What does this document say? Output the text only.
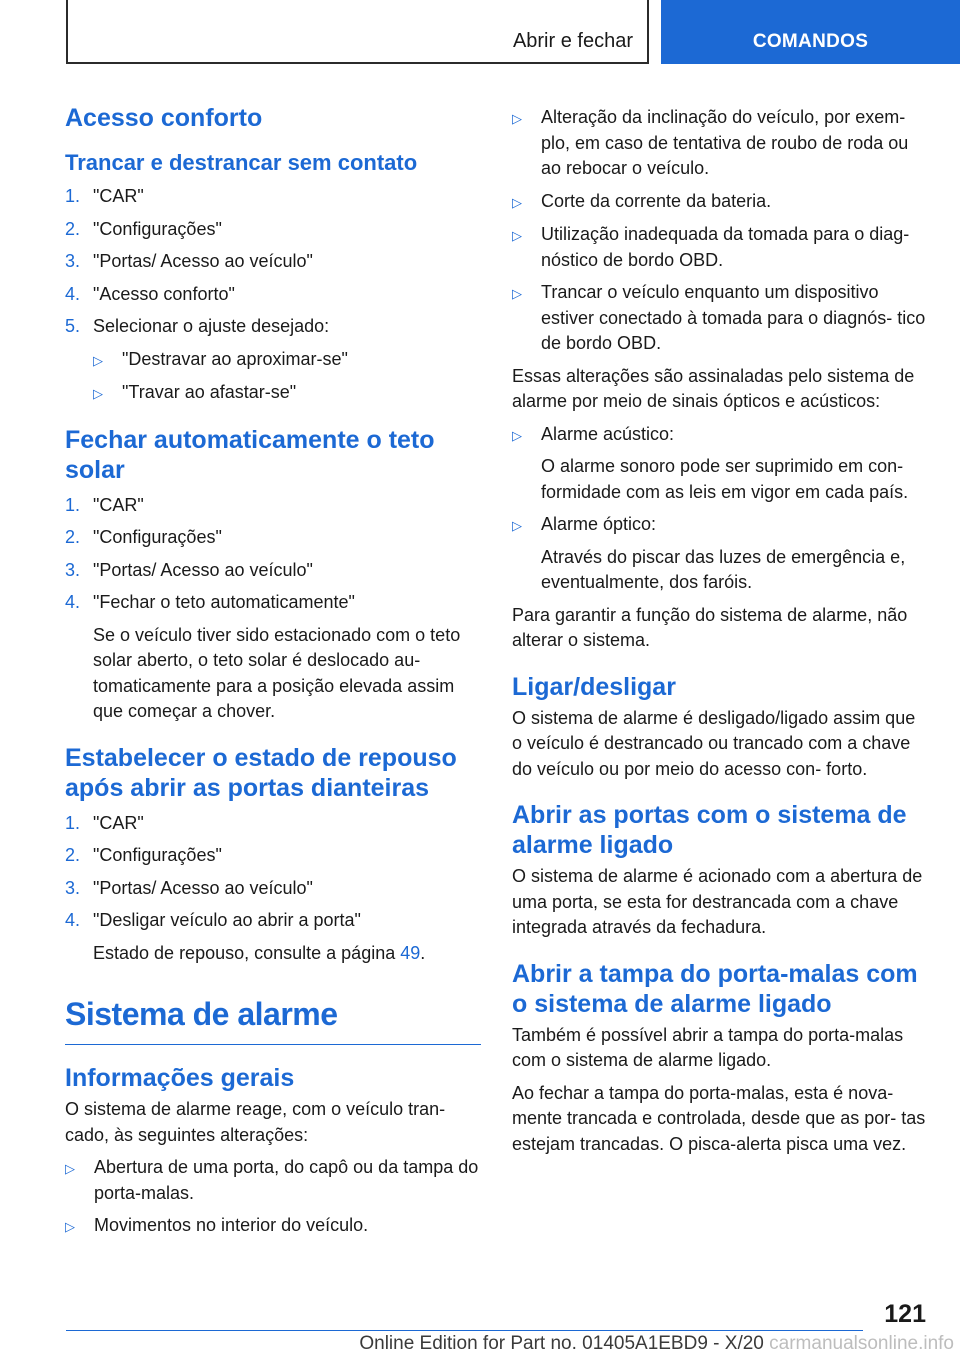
Abrir e fechar	COMANDOS
Acesso conforto
Trancar e destrancar sem contato
1. "CAR"
2. "Configurações"
3. "Portas/ Acesso ao veículo"
4. "Acesso conforto"
5. Selecionar o ajuste desejado:
▷	"Destravar ao aproximar-se"
▷	"Travar ao afastar-se"
Fechar automaticamente o teto solar
1. "CAR"
2. "Configurações"
3. "Portas/ Acesso ao veículo"
4. "Fechar o teto automaticamente"
Se o veículo tiver sido estacionado com o teto solar aberto, o teto solar é deslocado au- tomaticamente para a posição elevada assim que começar a chover.
Estabelecer o estado de repouso após abrir as portas dianteiras
1. "CAR"
2. "Configurações"
3. "Portas/ Acesso ao veículo"
4. "Desligar veículo ao abrir a porta"
Estado de repouso, consulte a página 49.
Sistema de alarme
Informações gerais

O sistema de alarme reage, com o veículo tran- cado, às seguintes alterações:

▷	Abertura de uma porta, do capô ou da tampa do porta-malas.
▷	Movimentos no interior do veículo.
▷	Alteração da inclinação do veículo, por exem- plo, em caso de tentativa de roubo de roda ou ao rebocar o veículo.
▷	Corte da corrente da bateria.
▷	Utilização inadequada da tomada para o diag- nóstico de bordo OBD.
▷	Trancar o veículo enquanto um dispositivo estiver conectado à tomada para o diagnós- tico de bordo OBD.

Essas alterações são assinaladas pelo sistema de alarme por meio de sinais ópticos e acústicos:

▷	Alarme acústico:
O alarme sonoro pode ser suprimido em con- formidade com as leis em vigor em cada país.
▷	Alarme óptico:
Através do piscar das luzes de emergência e, eventualmente, dos faróis.

Para garantir a função do sistema de alarme, não alterar o sistema.

Ligar/desligar

O sistema de alarme é desligado/ligado assim que o veículo é destrancado ou trancado com a chave do veículo ou por meio do acesso con- forto.

Abrir as portas com o sistema de alarme ligado

O sistema de alarme é acionado com a abertura de uma porta, se esta for destrancada com a chave integrada através da fechadura.

Abrir a tampa do porta-malas com o sistema de alarme ligado

Também é possível abrir a tampa do porta-malas com o sistema de alarme ligado.

Ao fechar a tampa do porta-malas, esta é nova- mente trancada e controlada, desde que as por- tas estejam trancadas. O pisca-alerta pisca uma vez.

121
Online Edition for Part no. 01405A1EBD9 - X/20 carmanualsonline.info
